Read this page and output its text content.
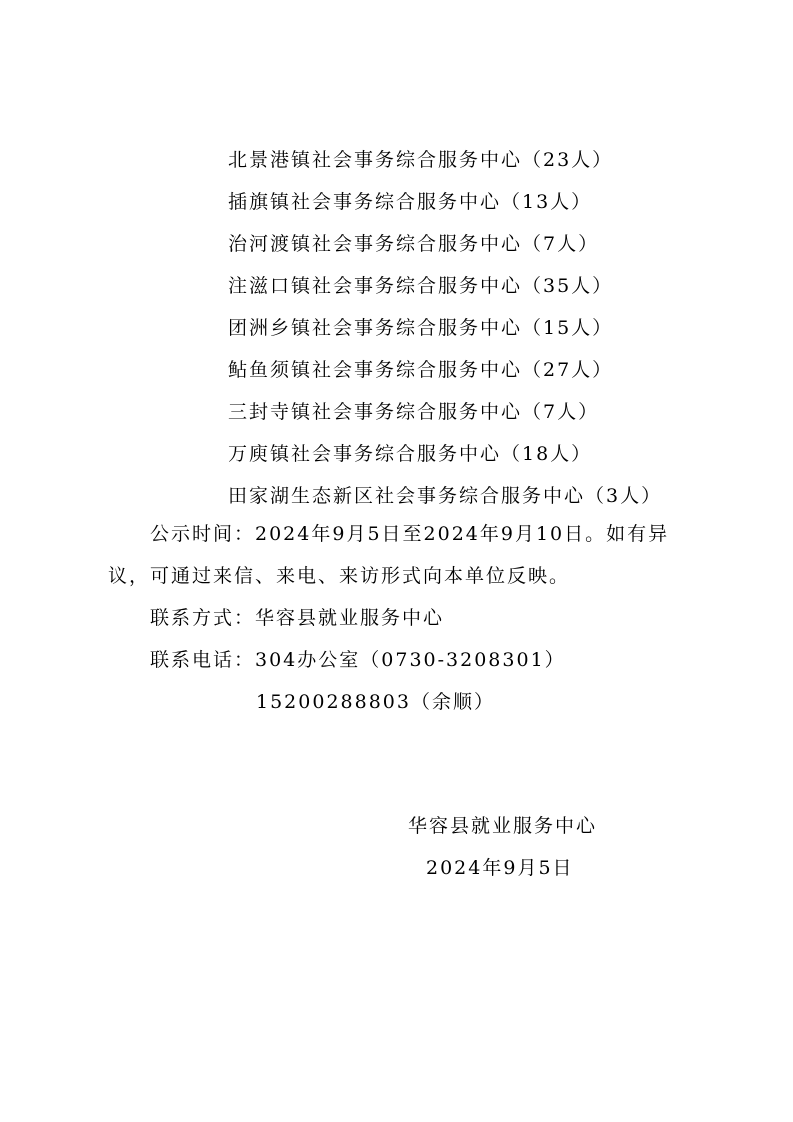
北景港镇社会事务综合服务中心（23人）
插旗镇社会事务综合服务中心（13人）
治河渡镇社会事务综合服务中心（7人）
注滋口镇社会事务综合服务中心（35人）
团洲乡镇社会事务综合服务中心（15人）
鲇鱼须镇社会事务综合服务中心（27人）
三封寺镇社会事务综合服务中心（7人）
万庾镇社会事务综合服务中心（18人）
田家湖生态新区社会事务综合服务中心（3人）
公示时间：2024年9月5日至2024年9月10日。如有异
议，可通过来信、来电、来访形式向本单位反映。
联系方式：华容县就业服务中心
联系电话：304办公室（0730-3208301）
15200288803（余顺）
华容县就业服务中心
2024年9月5日
